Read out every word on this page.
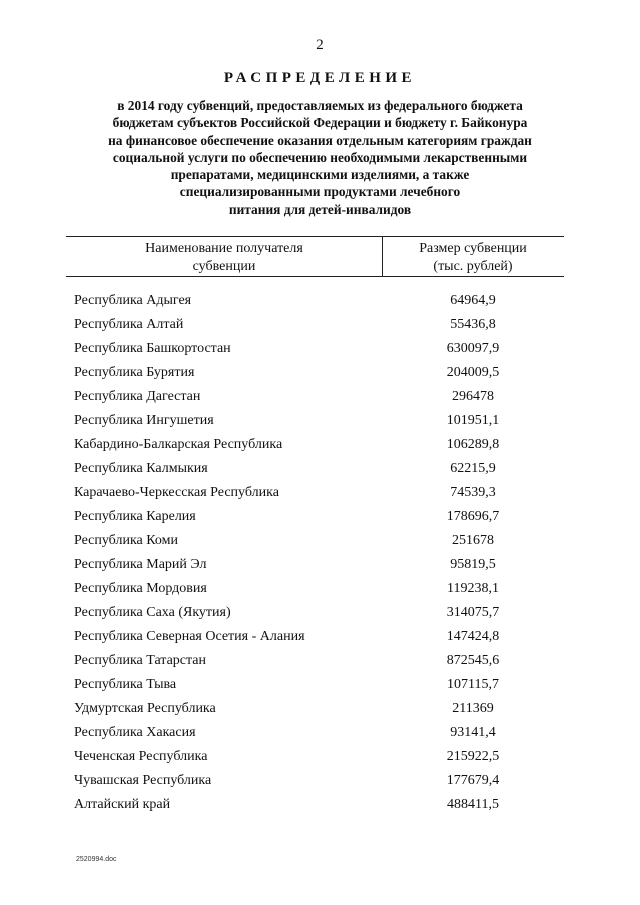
2
РАСПРЕДЕЛЕНИЕ
в 2014 году субвенций, предоставляемых из федерального бюджета
бюджетам субъектов Российской Федерации и бюджету г. Байконура
на финансовое обеспечение оказания отдельным категориям граждан
социальной услуги по обеспечению необходимыми лекарственными
препаратами, медицинскими изделиями, а также
специализированными продуктами лечебного
питания для детей-инвалидов
Наименование получателя
субвенции
Размер субвенции
(тыс. рублей)
Республика Адыгея	64964,9
Республика Алтай	55436,8
Республика Башкортостан	630097,9
Республика Бурятия	204009,5
Республика Дагестан	296478
Республика Ингушетия	101951,1
Кабардино-Балкарская Республика	106289,8
Республика Калмыкия	62215,9
Карачаево-Черкесская Республика	74539,3
Республика Карелия	178696,7
Республика Коми	251678
Республика Марий Эл	95819,5
Республика Мордовия	119238,1
Республика Саха (Якутия)	314075,7
Республика Северная Осетия - Алания	147424,8
Республика Татарстан	872545,6
Республика Тыва	107115,7
Удмуртская Республика	211369
Республика Хакасия	93141,4
Чеченская Республика	215922,5
Чувашская Республика	177679,4
Алтайский край	488411,5
2520994.doc
